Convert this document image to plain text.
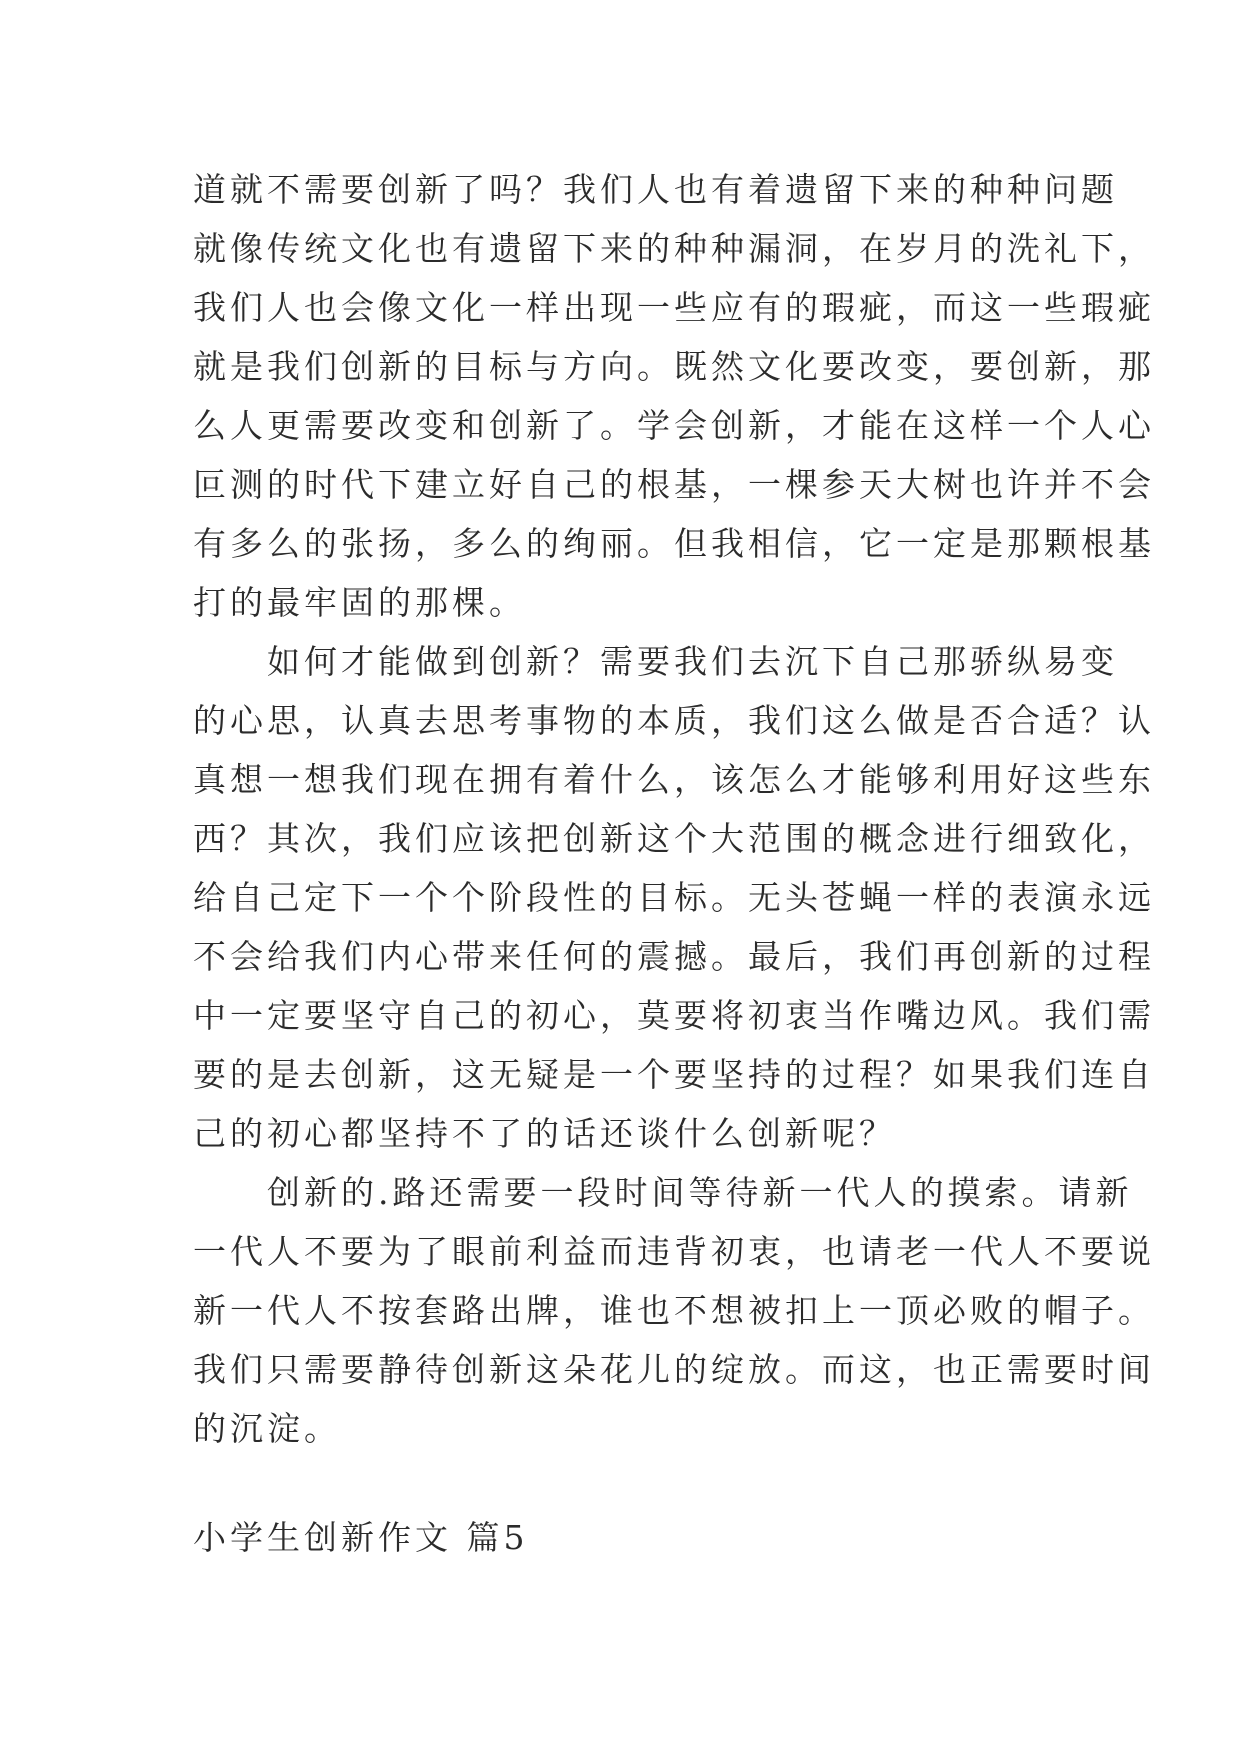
道就不需要创新了吗？我们人也有着遗留下来的种种问题
就像传统文化也有遗留下来的种种漏洞，在岁月的洗礼下，
我们人也会像文化一样出现一些应有的瑕疵，而这一些瑕疵
就是我们创新的目标与方向。既然文化要改变，要创新，那
么人更需要改变和创新了。学会创新，才能在这样一个人心
叵测的时代下建立好自己的根基，一棵参天大树也许并不会
有多么的张扬，多么的绚丽。但我相信，它一定是那颗根基
打的最牢固的那棵。
　　如何才能做到创新？需要我们去沉下自己那骄纵易变
的心思，认真去思考事物的本质，我们这么做是否合适？认
真想一想我们现在拥有着什么，该怎么才能够利用好这些东
西？其次，我们应该把创新这个大范围的概念进行细致化，
给自己定下一个个阶段性的目标。无头苍蝇一样的表演永远
不会给我们内心带来任何的震撼。最后，我们再创新的过程
中一定要坚守自己的初心，莫要将初衷当作嘴边风。我们需
要的是去创新，这无疑是一个要坚持的过程？如果我们连自
己的初心都坚持不了的话还谈什么创新呢？
　　创新的.路还需要一段时间等待新一代人的摸索。请新
一代人不要为了眼前利益而违背初衷，也请老一代人不要说
新一代人不按套路出牌，谁也不想被扣上一顶必败的帽子。
我们只需要静待创新这朵花儿的绽放。而这，也正需要时间
的沉淀。
小学生创新作文 篇5
